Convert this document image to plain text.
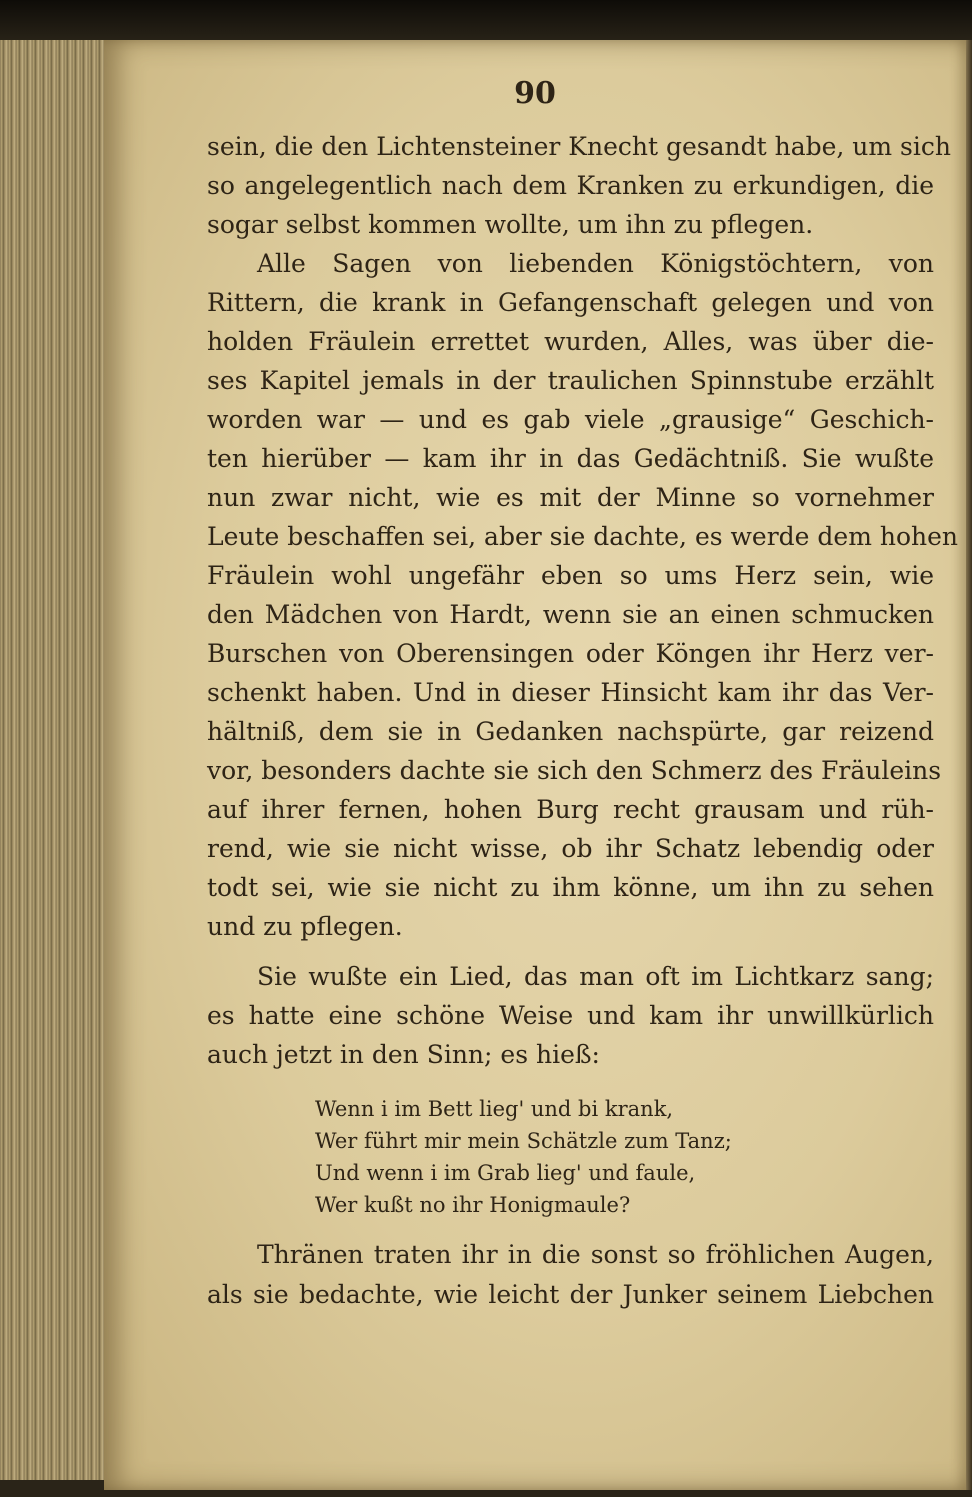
90
sein, die den Lichtensteiner Knecht gesandt habe, um sich
so angelegentlich nach dem Kranken zu erkundigen, die
sogar selbst kommen wollte, um ihn zu pflegen.
Alle Sagen von liebenden Königstöchtern, von
Rittern, die krank in Gefangenschaft gelegen und von
holden Fräulein errettet wurden, Alles, was über die-
ses Kapitel jemals in der traulichen Spinnstube erzählt
worden war — und es gab viele „grausige“ Geschich-
ten hierüber — kam ihr in das Gedächtniß. Sie wußte
nun zwar nicht, wie es mit der Minne so vornehmer
Leute beschaffen sei, aber sie dachte, es werde dem hohen
Fräulein wohl ungefähr eben so ums Herz sein, wie
den Mädchen von Hardt, wenn sie an einen schmucken
Burschen von Oberensingen oder Köngen ihr Herz ver-
schenkt haben. Und in dieser Hinsicht kam ihr das Ver-
hältniß, dem sie in Gedanken nachspürte, gar reizend
vor, besonders dachte sie sich den Schmerz des Fräuleins
auf ihrer fernen, hohen Burg recht grausam und rüh-
rend, wie sie nicht wisse, ob ihr Schatz lebendig oder
todt sei, wie sie nicht zu ihm könne, um ihn zu sehen
und zu pflegen.
Sie wußte ein Lied, das man oft im Lichtkarz sang;
es hatte eine schöne Weise und kam ihr unwillkürlich
auch jetzt in den Sinn; es hieß:
Wenn i im Bett lieg' und bi krank,
Wer führt mir mein Schätzle zum Tanz;
Und wenn i im Grab lieg' und faule,
Wer kußt no ihr Honigmaule?
Thränen traten ihr in die sonst so fröhlichen Augen,
als sie bedachte, wie leicht der Junker seinem Liebchen
